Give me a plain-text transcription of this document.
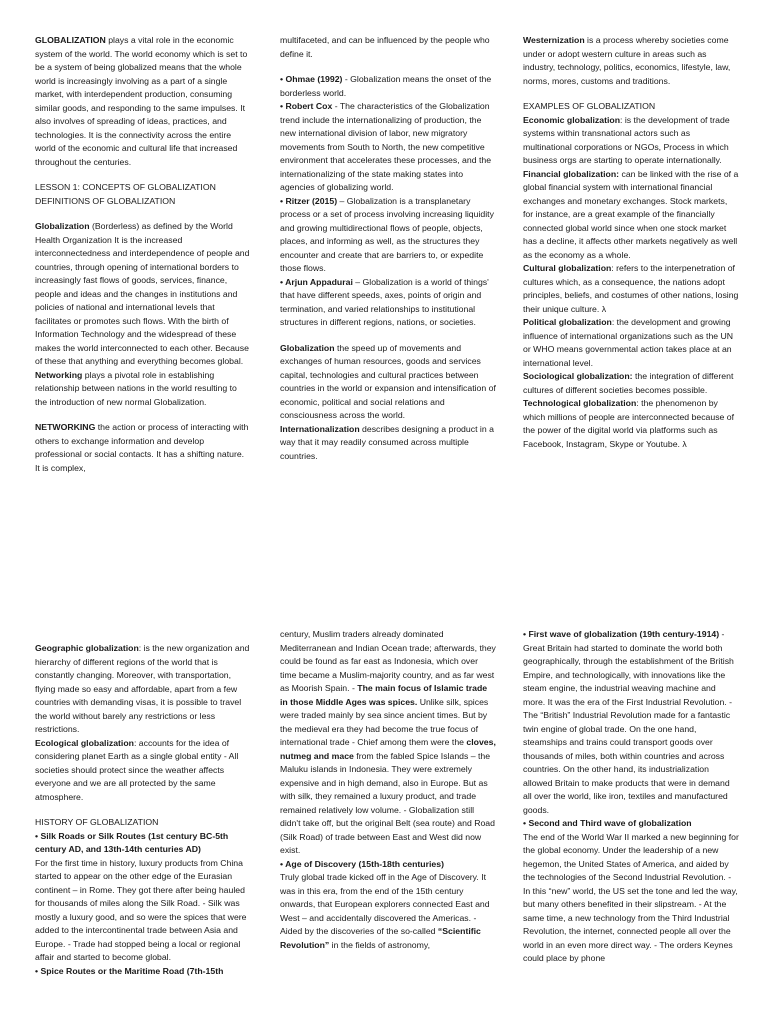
GLOBALIZATION plays a vital role in the economic system of the world. The world economy which is set to be a system of being globalized means that the whole world is increasingly involving as a part of a single market, with interdependent production, consuming similar goods, and responding to the same impulses. It also involves of spreading of ideas, practices, and technologies. It is the connectivity across the entire world of the economic and cultural life that increased throughout the centuries.

LESSON 1: CONCEPTS OF GLOBALIZATION

DEFINITIONS OF GLOBALIZATION

Globalization (Borderless) as defined by the World Health Organization It is the increased interconnectedness and interdependence of people and countries, through opening of international borders to increasingly fast flows of goods, services, finance, people and ideas and the changes in institutions and policies of national and international levels that facilitates or promotes such flows. With the birth of Information Technology and the widespread of these makes the world interconnected to each other. Because of these that anything and everything becomes global. Networking plays a pivotal role in establishing relationship between nations in the world resulting to the introduction of new normal Globalization.

NETWORKING the action or process of interacting with others to exchange information and develop professional or social contacts. It has a shifting nature. It is complex,

multifaceted, and can be influenced by the people who define it.

• Ohmae (1992) - Globalization means the onset of the borderless world.

• Robert Cox - The characteristics of the Globalization trend include the internationalizing of production, the new international division of labor, new migratory movements from South to North, the new competitive environment that accelerates these processes, and the internationalizing of the state making states into agencies of globalizing world.

• Ritzer (2015) – Globalization is a transplanetary process or a set of process involving increasing liquidity and growing multidirectional flows of people, objects, places, and informing as well, as the structures they encounter and create that are barriers to, or expedite those flows.

• Arjun Appadurai – Globalization is a world of things' that have different speeds, axes, points of origin and termination, and varied relationships to institutional structures in different regions, nations, or societies.

Globalization the speed up of movements and exchanges of human resources, goods and services capital, technologies and cultural practices between countries in the world or expansion and intensification of economic, political and social relations and consciousness across the world.

Internationalization describes designing a product in a way that it may readily consumed across multiple countries.

Westernization is a process whereby societies come under or adopt western culture in areas such as industry, technology, politics, economics, lifestyle, law, norms, mores, customs and traditions.

EXAMPLES OF GLOBALIZATION

Economic globalization: is the development of trade systems within transnational actors such as multinational corporations or NGOs, Process in which business orgs are starting to operate internationally.

Financial globalization: can be linked with the rise of a global financial system with international financial exchanges and monetary exchanges. Stock markets, for instance, are a great example of the financially connected global world since when one stock market has a decline, it affects other markets negatively as well as the economy as a whole.

Cultural globalization: refers to the interpenetration of cultures which, as a consequence, the nations adopt principles, beliefs, and costumes of other nations, losing their unique culture. λ

Political globalization: the development and growing influence of international organizations such as the UN or WHO means governmental action takes place at an international level.

Sociological globalization: the integration of different cultures of different societies becomes possible.

Technological globalization: the phenomenon by which millions of people are interconnected because of the power of the digital world via platforms such as Facebook, Instagram, Skype or Youtube. λ

Geographic globalization: is the new organization and hierarchy of different regions of the world that is constantly changing. Moreover, with transportation, flying made so easy and affordable, apart from a few countries with demanding visas, it is possible to travel the world without barely any restrictions or less restrictions.

Ecological globalization: accounts for the idea of considering planet Earth as a single global entity - All societies should protect since the weather affects everyone and we are all protected by the same atmosphere.

HISTORY OF GLOBALIZATION

• Silk Roads or Silk Routes (1st century BC-5th century AD, and 13th-14th centuries AD)

For the first time in history, luxury products from China started to appear on the other edge of the Eurasian continent – in Rome. They got there after being hauled for thousands of miles along the Silk Road. - Silk was mostly a luxury good, and so were the spices that were added to the intercontinental trade between Asia and Europe. - Trade had stopped being a local or regional affair and started to become global.

• Spice Routes or the Maritime Road (7th-15th

century, Muslim traders already dominated Mediterranean and Indian Ocean trade; afterwards, they could be found as far east as Indonesia, which over time became a Muslim-majority country, and as far west as Moorish Spain. - The main focus of Islamic trade in those Middle Ages was spices. Unlike silk, spices were traded mainly by sea since ancient times. But by the medieval era they had become the true focus of international trade - Chief among them were the cloves, nutmeg and mace from the fabled Spice Islands – the Maluku islands in Indonesia. They were extremely expensive and in high demand, also in Europe. But as with silk, they remained a luxury product, and trade remained relatively low volume. - Globalization still didn't take off, but the original Belt (sea route) and Road (Silk Road) of trade between East and West did now exist.

• Age of Discovery (15th-18th centuries)

Truly global trade kicked off in the Age of Discovery. It was in this era, from the end of the 15th century onwards, that European explorers connected East and West – and accidentally discovered the Americas. - Aided by the discoveries of the so-called “Scientific Revolution” in the fields of astronomy,

• First wave of globalization (19th century-1914) - Great Britain had started to dominate the world both geographically, through the establishment of the British Empire, and technologically, with innovations like the steam engine, the industrial weaving machine and more. It was the era of the First Industrial Revolution. - The “British” Industrial Revolution made for a fantastic twin engine of global trade. On the one hand, steamships and trains could transport goods over thousands of miles, both within countries and across countries. On the other hand, its industrialization allowed Britain to make products that were in demand all over the world, like iron, textiles and manufactured goods.

• Second and Third wave of globalization

The end of the World War II marked a new beginning for the global economy. Under the leadership of a new hegemon, the United States of America, and aided by the technologies of the Second Industrial Revolution. - In this “new” world, the US set the tone and led the way, but many others benefited in their slipstream. - At the same time, a new technology from the Third Industrial Revolution, the internet, connected people all over the world in an even more direct way. - The orders Keynes could place by phone
